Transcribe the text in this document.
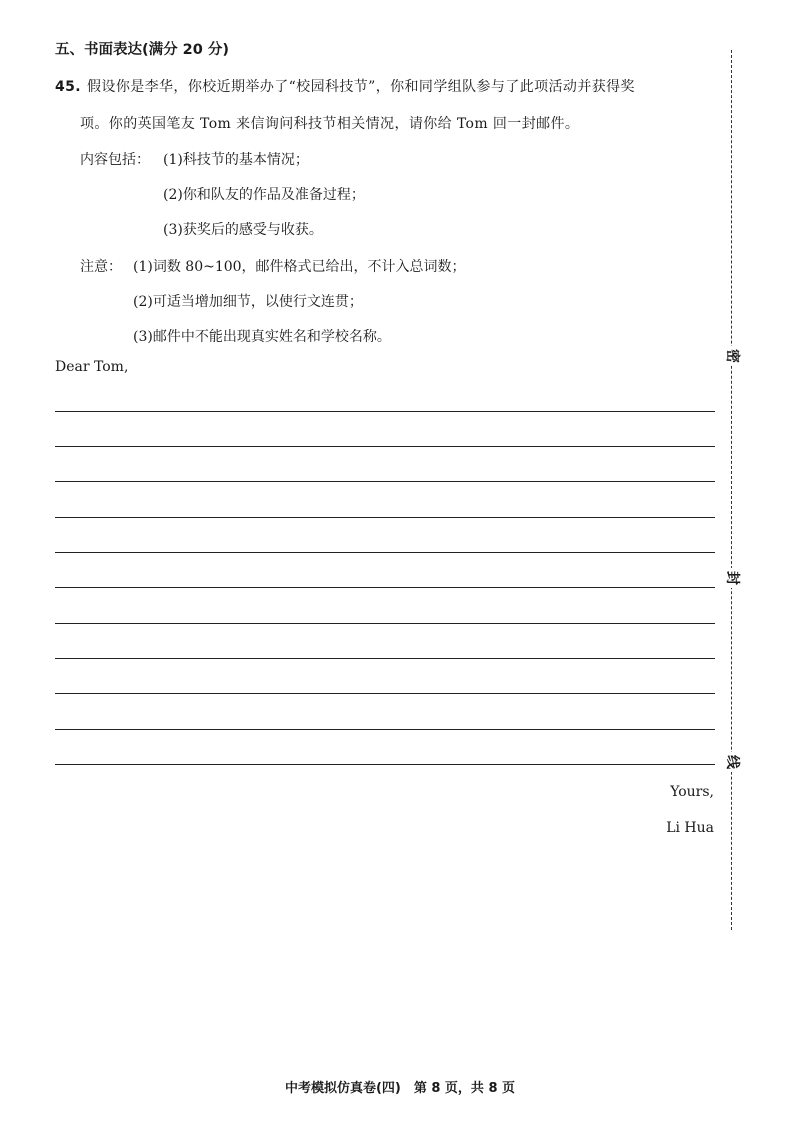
五、书面表达(满分 20 分)
45. 假设你是李华，你校近期举办了“校园科技节”，你和同学组队参与了此项活动并获得奖
项。你的英国笔友 Tom 来信询问科技节相关情况，请你给 Tom 回一封邮件。
内容包括： (1)科技节的基本情况；
(2)你和队友的作品及准备过程；
(3)获奖后的感受与收获。
注意： (1)词数 80~100，邮件格式已给出，不计入总词数；
(2)可适当增加细节，以使行文连贯；
(3)邮件中不能出现真实姓名和学校名称。
Dear Tom,
Yours,
Li Hua
密
封
线
中考模拟仿真卷(四)　第 8 页，共 8 页
